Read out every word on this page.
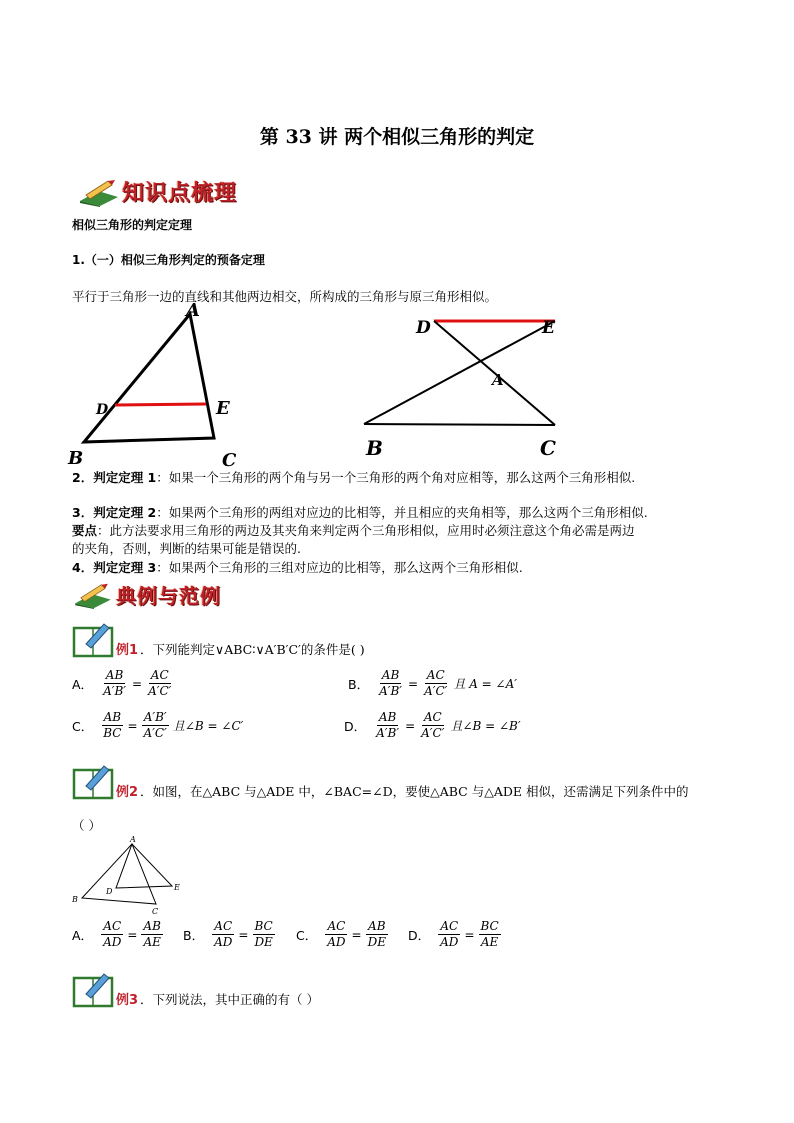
第 33 讲 两个相似三角形的判定
知识点梳理
相似三角形的判定定理
1.（一）相似三角形判定的预备定理
平行于三角形一边的直线和其他两边相交，所构成的三角形与原三角形相似。
A
B	C
D	E
D	E
A
B	C
2．判定定理 1：如果一个三角形的两个角与另一个三角形的两个角对应相等，那么这两个三角形相似.
3．判定定理 2：如果两个三角形的两组对应边的比相等，并且相应的夹角相等，那么这两个三角形相似.
要点：此方法要求用三角形的两边及其夹角来判定两个三角形相似，应用时必须注意这个角必需是两边
的夹角，否则，判断的结果可能是错误的.
4．判定定理 3：如果两个三角形的三组对应边的比相等，那么这两个三角形相似.
典例与范例
例1 ．下列能判定∨ABC∶∨A′B′C′的条件是( )
A． $\frac{AB}{A'B'} = \frac{AC}{A'C'}$	B． $\frac{AB}{A'B'} = \frac{AC}{A'C'}$ 且 A = ∠A′
C． $\frac{AB}{BC} = \frac{A'B'}{A'C'}$ 且∠B = ∠C′	D． $\frac{AB}{A'B'} = \frac{AC}{A'C'}$ 且∠B = ∠B′
例2 ．如图，在△ABC 与△ADE 中，∠BAC=∠D，要使△ABC 与△ADE 相似，还需满足下列条件中的
（ ）
A
B
C
D	E
A． $\frac{AC}{AD} = \frac{AB}{AE}$ B． $\frac{AC}{AD} = \frac{BC}{DE}$ C． $\frac{AC}{AD} = \frac{AB}{DE}$ D． $\frac{AC}{AD} = \frac{BC}{AE}$
例3 ．下列说法，其中正确的有（ ）
